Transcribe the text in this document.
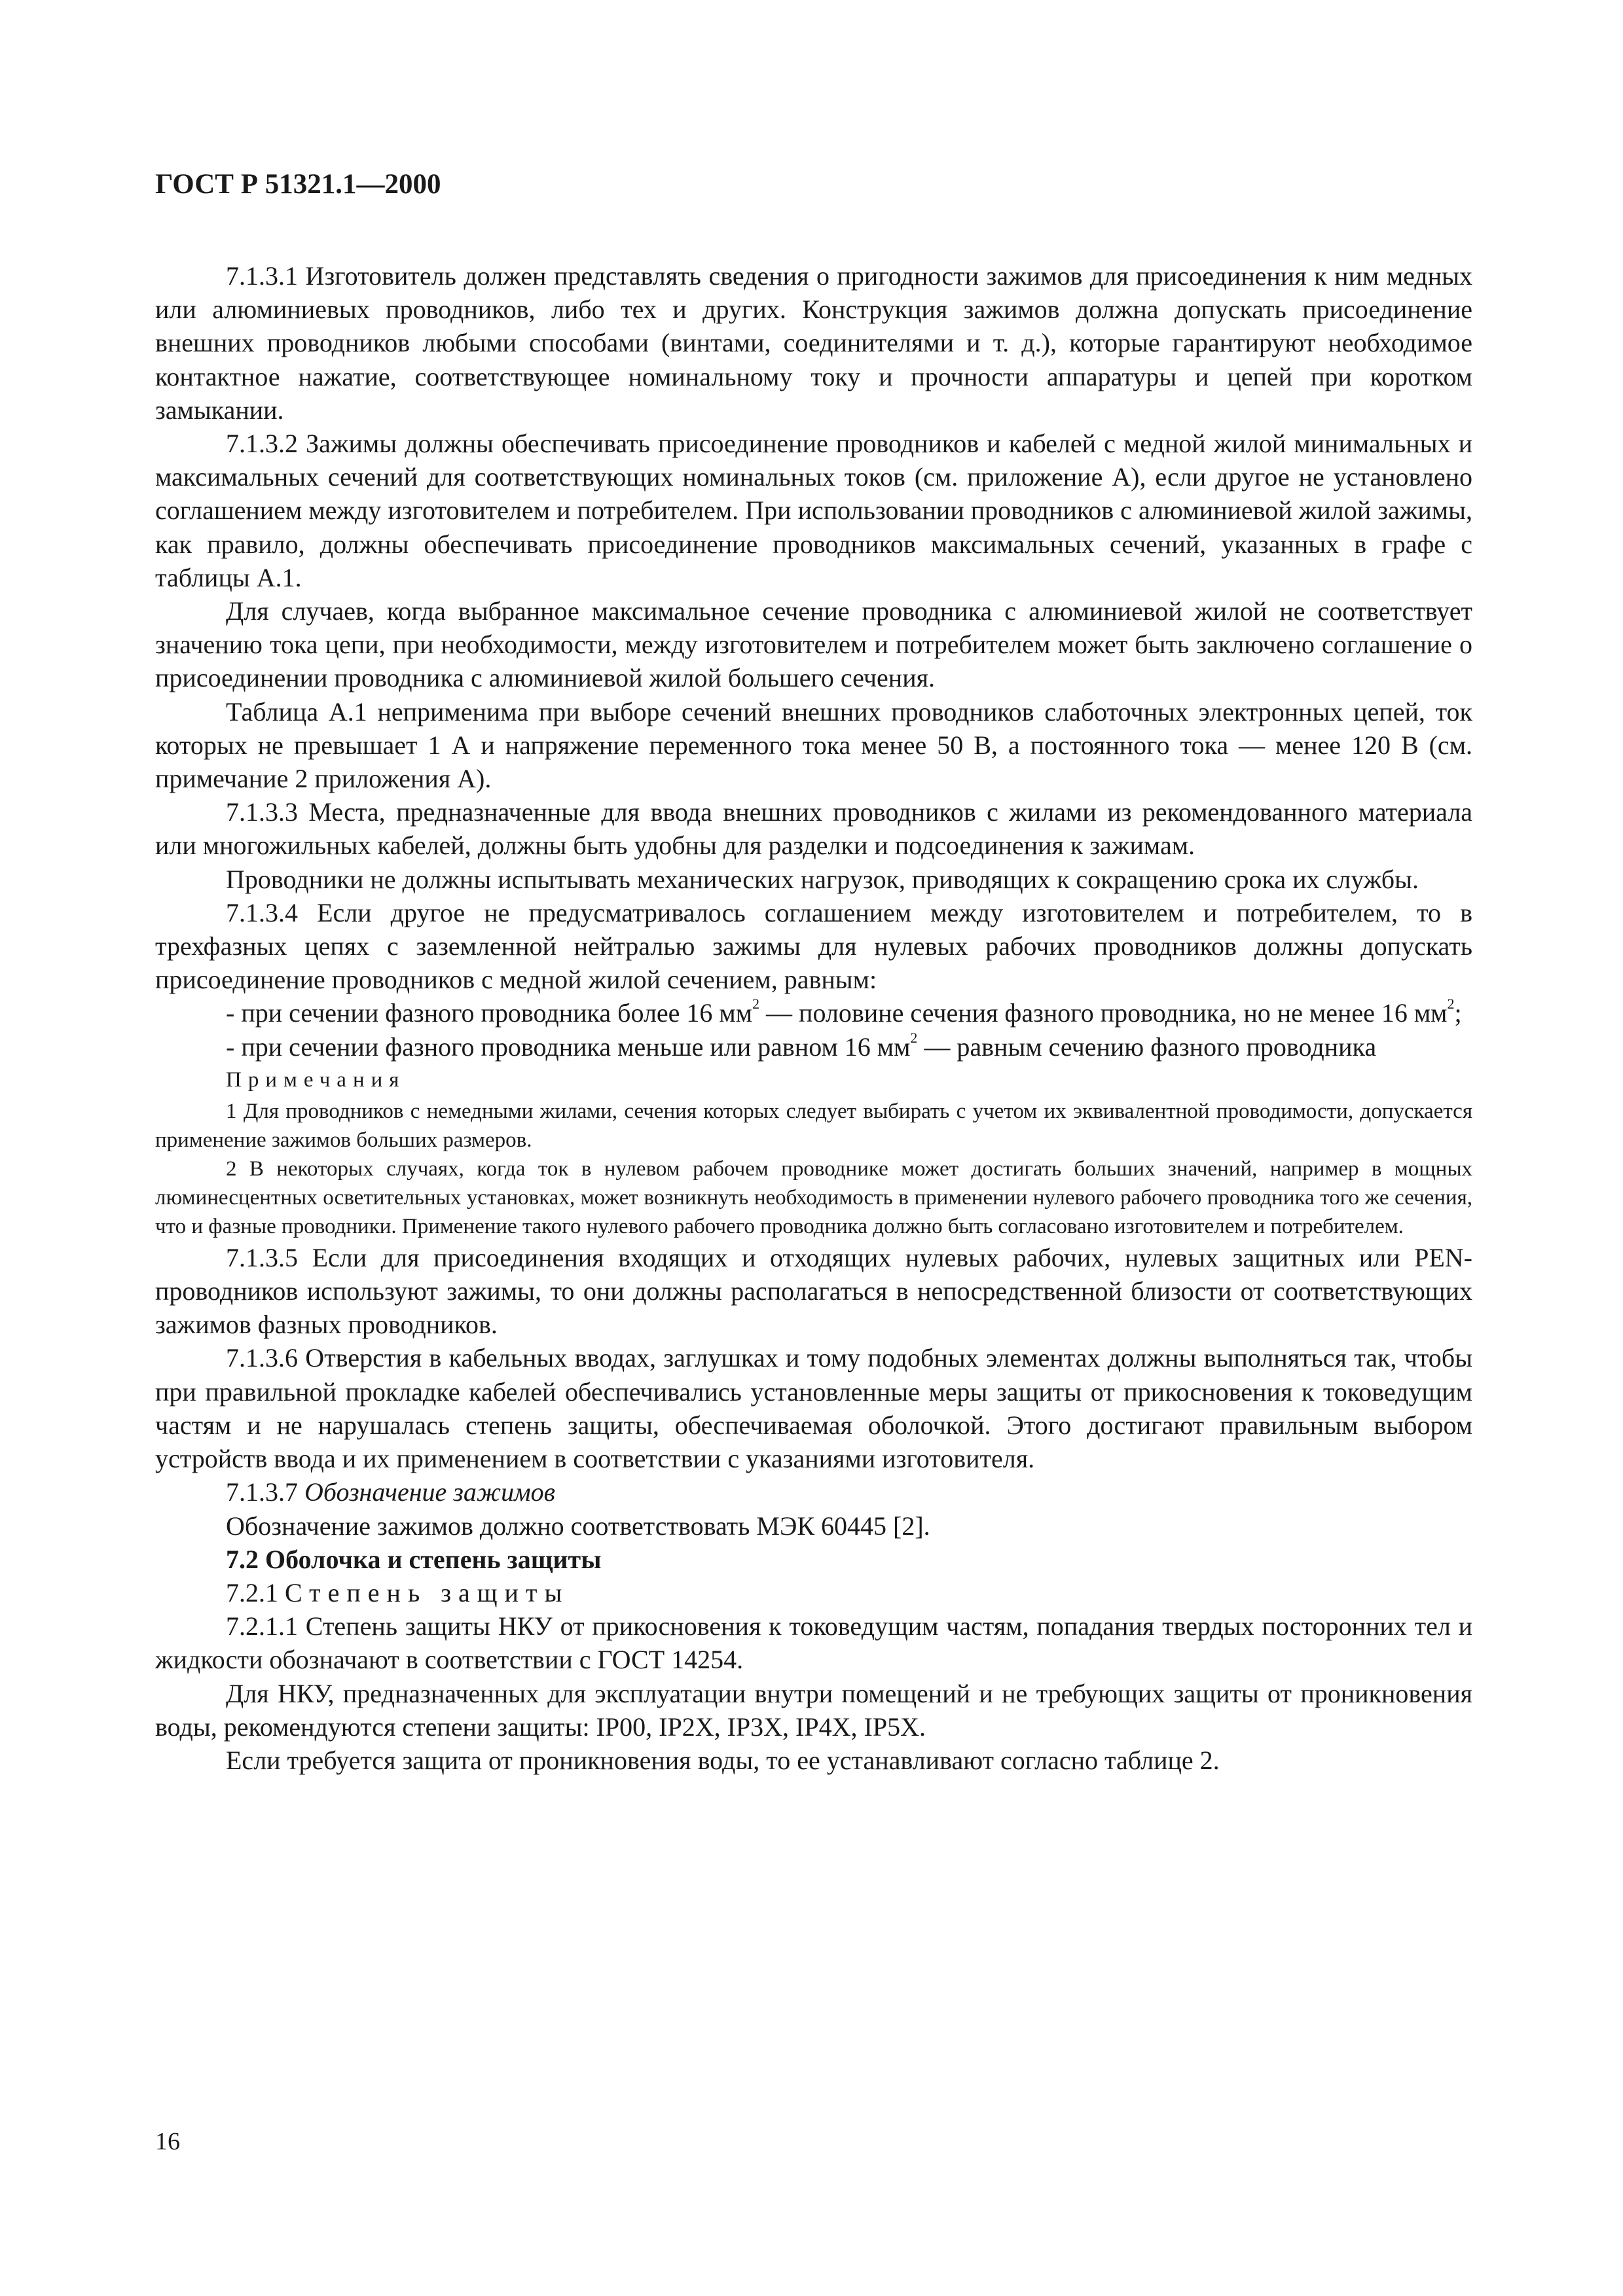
ГОСТ Р 51321.1—2000

7.1.3.1 Изготовитель должен представлять сведения о пригодности зажимов для присоединения к ним медных или алюминиевых проводников, либо тех и других. Конструкция зажимов должна допускать присоединение внешних проводников любыми способами (винтами, соединителями и т. д.), которые гарантируют необходимое контактное нажатие, соответствующее номинальному току и прочности аппаратуры и цепей при коротком замыкании.

7.1.3.2 Зажимы должны обеспечивать присоединение проводников и кабелей с медной жилой минимальных и максимальных сечений для соответствующих номинальных токов (см. приложение А), если другое не установлено соглашением между изготовителем и потребителем. При использовании проводников с алюминиевой жилой зажимы, как правило, должны обеспечивать присоединение проводников максимальных сечений, указанных в графе с таблицы А.1.

Для случаев, когда выбранное максимальное сечение проводника с алюминиевой жилой не соответствует значению тока цепи, при необходимости, между изготовителем и потребителем может быть заключено соглашение о присоединении проводника с алюминиевой жилой большего сечения.

Таблица А.1 неприменима при выборе сечений внешних проводников слаботочных электронных цепей, ток которых не превышает 1 А и напряжение переменного тока менее 50 В, а постоянного тока — менее 120 В (см. примечание 2 приложения А).

7.1.3.3 Места, предназначенные для ввода внешних проводников с жилами из рекомендованного материала или многожильных кабелей, должны быть удобны для разделки и подсоединения к зажимам.

Проводники не должны испытывать механических нагрузок, приводящих к сокращению срока их службы.

7.1.3.4 Если другое не предусматривалось соглашением между изготовителем и потребителем, то в трехфазных цепях с заземленной нейтралью зажимы для нулевых рабочих проводников должны допускать присоединение проводников с медной жилой сечением, равным:

- при сечении фазного проводника более 16 $мм^2$ — половине сечения фазного проводника, но не менее 16 $мм^2$;

- при сечении фазного проводника меньше или равном 16 $мм^2$ — равным сечению фазного проводника

Примечания

1 Для проводников с немедными жилами, сечения которых следует выбирать с учетом их эквивалентной проводимости, допускается применение зажимов больших размеров.

2 В некоторых случаях, когда ток в нулевом рабочем проводнике может достигать больших значений, например в мощных люминесцентных осветительных установках, может возникнуть необходимость в применении нулевого рабочего проводника того же сечения, что и фазные проводники. Применение такого нулевого рабочего проводника должно быть согласовано изготовителем и потребителем.

7.1.3.5 Если для присоединения входящих и отходящих нулевых рабочих, нулевых защитных или PEN-проводников используют зажимы, то они должны располагаться в непосредственной близости от соответствующих зажимов фазных проводников.

7.1.3.6 Отверстия в кабельных вводах, заглушках и тому подобных элементах должны выполняться так, чтобы при правильной прокладке кабелей обеспечивались установленные меры защиты от прикосновения к токоведущим частям и не нарушалась степень защиты, обеспечиваемая оболочкой. Этого достигают правильным выбором устройств ввода и их применением в соответствии с указаниями изготовителя.

7.1.3.7 Обозначение зажимов

Обозначение зажимов должно соответствовать МЭК 60445 [2].

7.2 Оболочка и степень защиты

7.2.1 Степень защиты

7.2.1.1 Степень защиты НКУ от прикосновения к токоведущим частям, попадания твердых посторонних тел и жидкости обозначают в соответствии с ГОСТ 14254.

Для НКУ, предназначенных для эксплуатации внутри помещений и не требующих защиты от проникновения воды, рекомендуются степени защиты: IP00, IP2X, IP3X, IP4X, IP5X.

Если требуется защита от проникновения воды, то ее устанавливают согласно таблице 2.

16
